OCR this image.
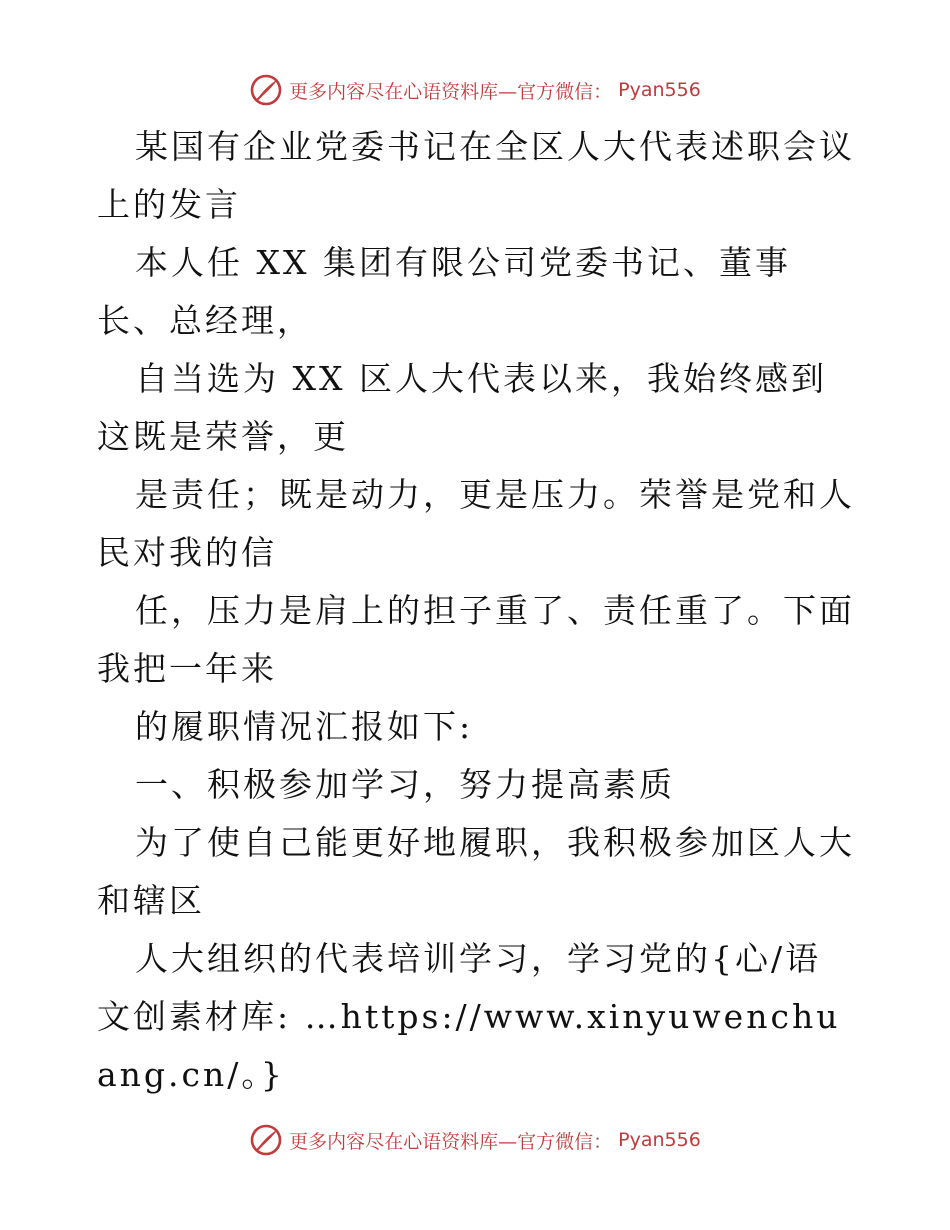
更多内容尽在心语资料库—官方微信： Pyan556

某国有企业党委书记在全区人大代表述职会议上的发言

本人任 XX 集团有限公司党委书记、董事长、总经理，

自当选为 XX 区人大代表以来，我始终感到这既是荣誉，更

是责任；既是动力，更是压力。荣誉是党和人民对我的信

任，压力是肩上的担子重了、责任重了。下面我把一年来

的履职情况汇报如下:

一、积极参加学习，努力提高素质

为了使自己能更好地履职，我积极参加区人大和辖区

人大组织的代表培训学习，学习党的{心/语文创素材库: …https://www.xinyuwenchuang.cn/。}

更多内容尽在心语资料库—官方微信： Pyan556
